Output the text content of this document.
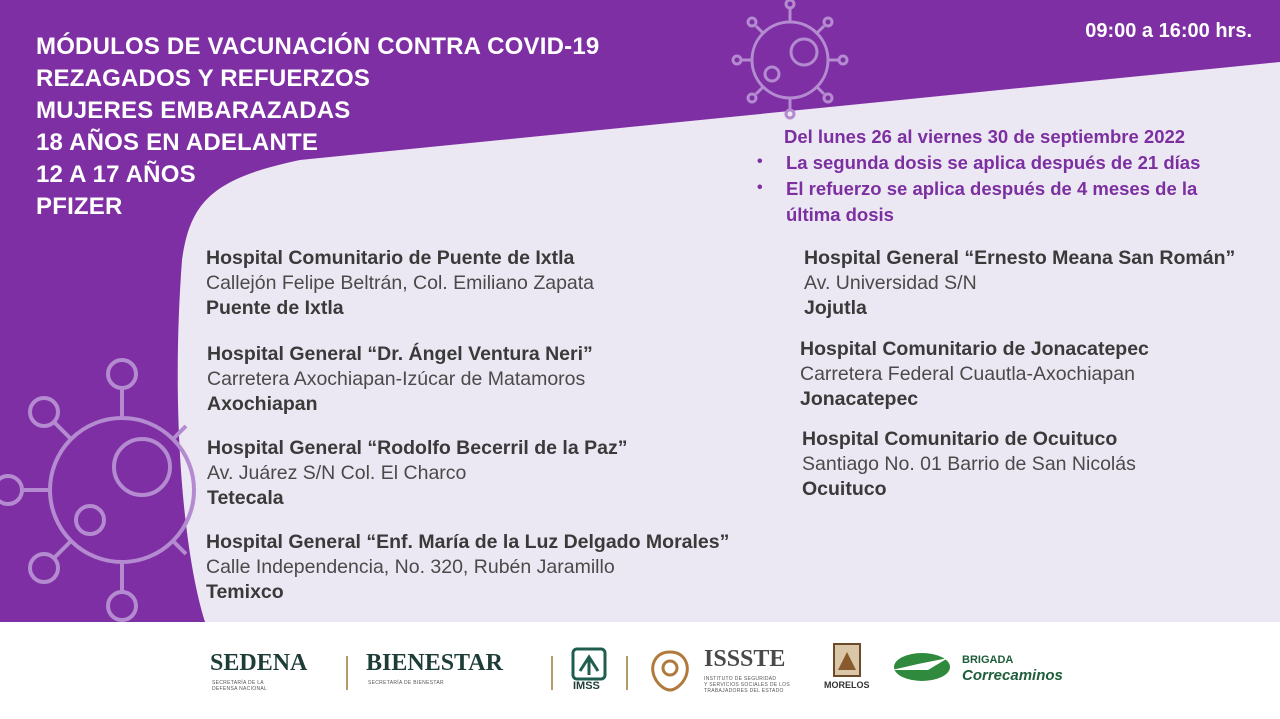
MÓDULOS DE VACUNACIÓN CONTRA COVID-19
REZAGADOS Y REFUERZOS
MUJERES EMBARAZADAS
18 AÑOS EN ADELANTE
12 A 17 AÑOS
PFIZER
09:00 a 16:00 hrs.
Del lunes 26 al viernes 30 de septiembre 2022
• La segunda dosis se aplica después de 21 días
• El refuerzo se aplica después de 4 meses de la
última dosis
Hospital Comunitario de Puente de Ixtla
Callejón Felipe Beltrán, Col. Emiliano Zapata
Puente de Ixtla
Hospital General “Dr. Ángel Ventura Neri”
Carretera Axochiapan-Izúcar de Matamoros
Axochiapan
Hospital General “Rodolfo Becerril de la Paz”
Av. Juárez S/N Col. El Charco
Tetecala
Hospital General “Enf. María de la Luz Delgado Morales”
Calle Independencia, No. 320, Rubén Jaramillo
Temixco
Hospital General “Ernesto Meana San Román”
Av. Universidad S/N
Jojutla
Hospital Comunitario de Jonacatepec
Carretera Federal Cuautla-Axochiapan
Jonacatepec
Hospital Comunitario de Ocuituco
Santiago No. 01 Barrio de San Nicolás
Ocuituco
SEDENA
SECRETARÍA DE LA
DEFENSA NACIONAL
BIENESTAR
SECRETARÍA DE BIENESTAR	IMSS
ISSSTE
INSTITUTO DE SEGURIDAD
Y SERVICIOS SOCIALES DE LOS
TRABAJADORES DEL ESTADO
MORELOS
BRIGADA
Correcaminos
